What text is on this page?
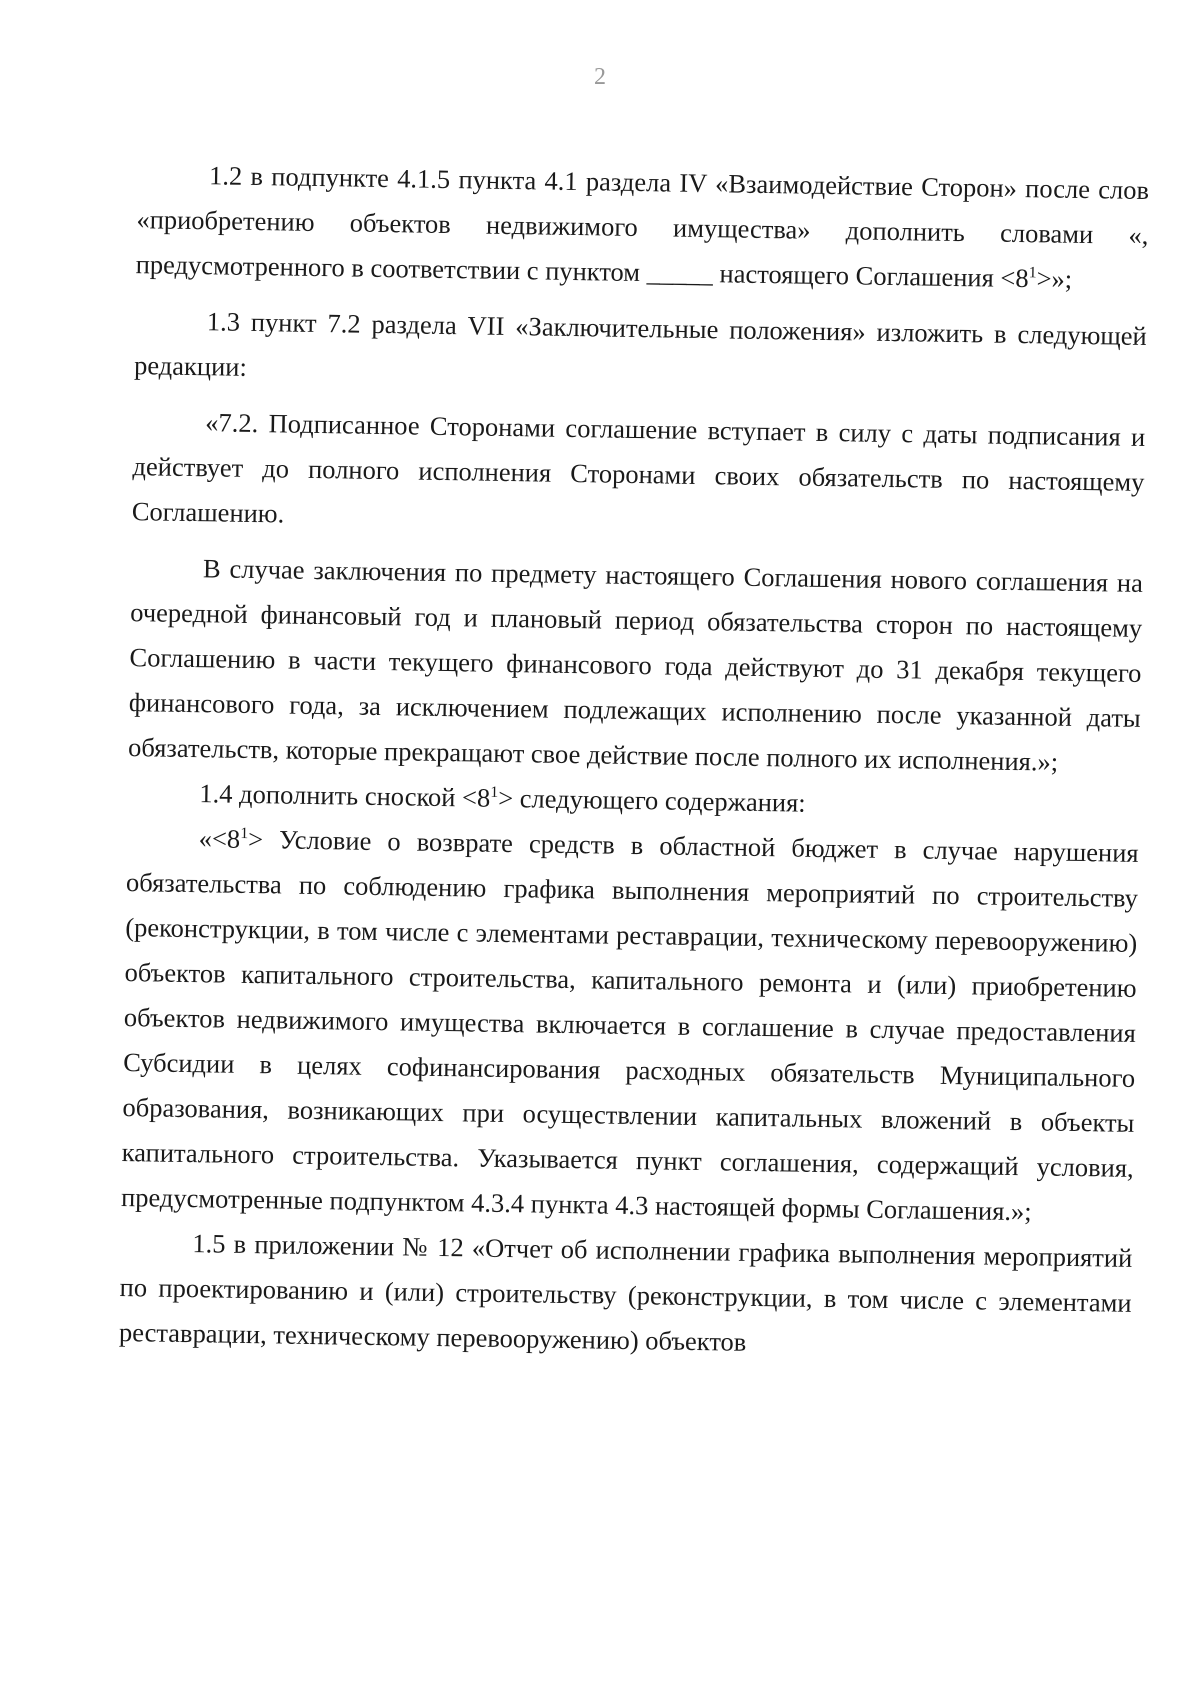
2

1.2 в подпункте 4.1.5 пункта 4.1 раздела IV «Взаимодействие Сторон» после слов «приобретению объектов недвижимого имущества» дополнить словами «, предусмотренного в соответствии с пунктом _____ настоящего Соглашения $<8^1>$»;

1.3 пункт 7.2 раздела VII «Заключительные положения» изложить в следующей редакции:

«7.2. Подписанное Сторонами соглашение вступает в силу с даты подписания и действует до полного исполнения Сторонами своих обязательств по настоящему Соглашению.

В случае заключения по предмету настоящего Соглашения нового соглашения на очередной финансовый год и плановый период обязательства сторон по настоящему Соглашению в части текущего финансового года действуют до 31 декабря текущего финансового года, за исключением подлежащих исполнению после указанной даты обязательств, которые прекращают свое действие после полного их исполнения.»;

1.4 дополнить сноской $<8^1>$ следующего содержания:

«$<8^1>$ Условие о возврате средств в областной бюджет в случае нарушения обязательства по соблюдению графика выполнения мероприятий по строительству (реконструкции, в том числе с элементами реставрации, техническому перевооружению) объектов капитального строительства, капитального ремонта и (или) приобретению объектов недвижимого имущества включается в соглашение в случае предоставления Субсидии в целях софинансирования расходных обязательств Муниципального образования, возникающих при осуществлении капитальных вложений в объекты капитального строительства. Указывается пункт соглашения, содержащий условия, предусмотренные подпунктом 4.3.4 пункта 4.3 настоящей формы Соглашения.»;

1.5 в приложении № 12 «Отчет об исполнении графика выполнения мероприятий по проектированию и (или) строительству (реконструкции, в том числе с элементами реставрации, техническому перевооружению) объектов
